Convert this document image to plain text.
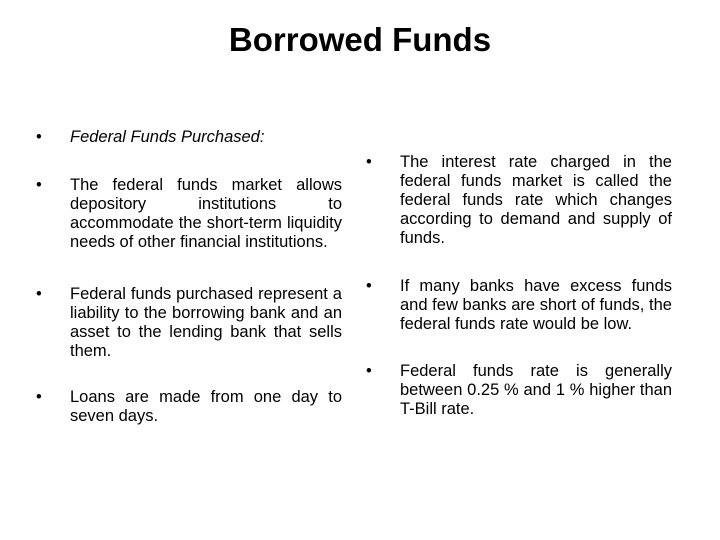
Borrowed Funds
•	Federal Funds Purchased:
•	The federal funds market allows depository institutions to accommodate the short-term liquidity needs of other financial institutions.
•	Federal funds purchased represent a liability to the borrowing bank and an asset to the lending bank that sells them.
•	Loans are made from one day to seven days.
•	The interest rate charged in the federal funds market is called the federal funds rate which changes according to demand and supply of funds.
•	If many banks have excess funds and few banks are short of funds, the federal funds rate would be low.
•	Federal funds rate is generally between 0.25 % and 1 % higher than T-Bill rate.
